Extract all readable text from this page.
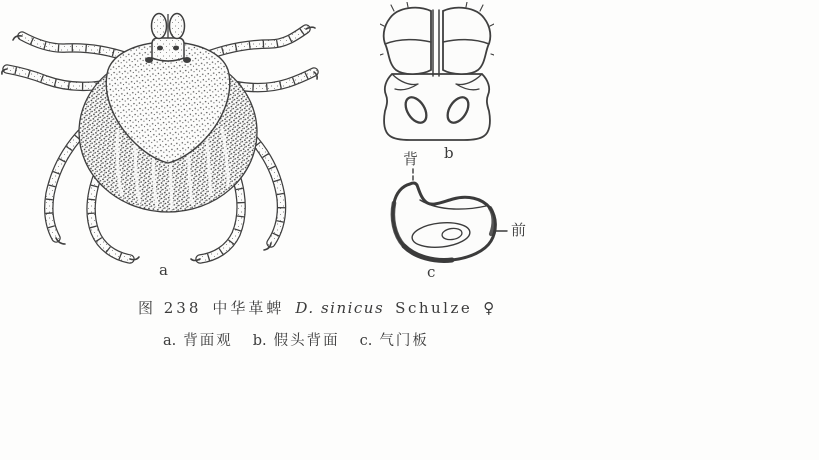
a
b
背
前
c
图 238 中华革蜱 D. sinicus Schulze ♀
a. 背面观 b. 假头背面 c. 气门板
